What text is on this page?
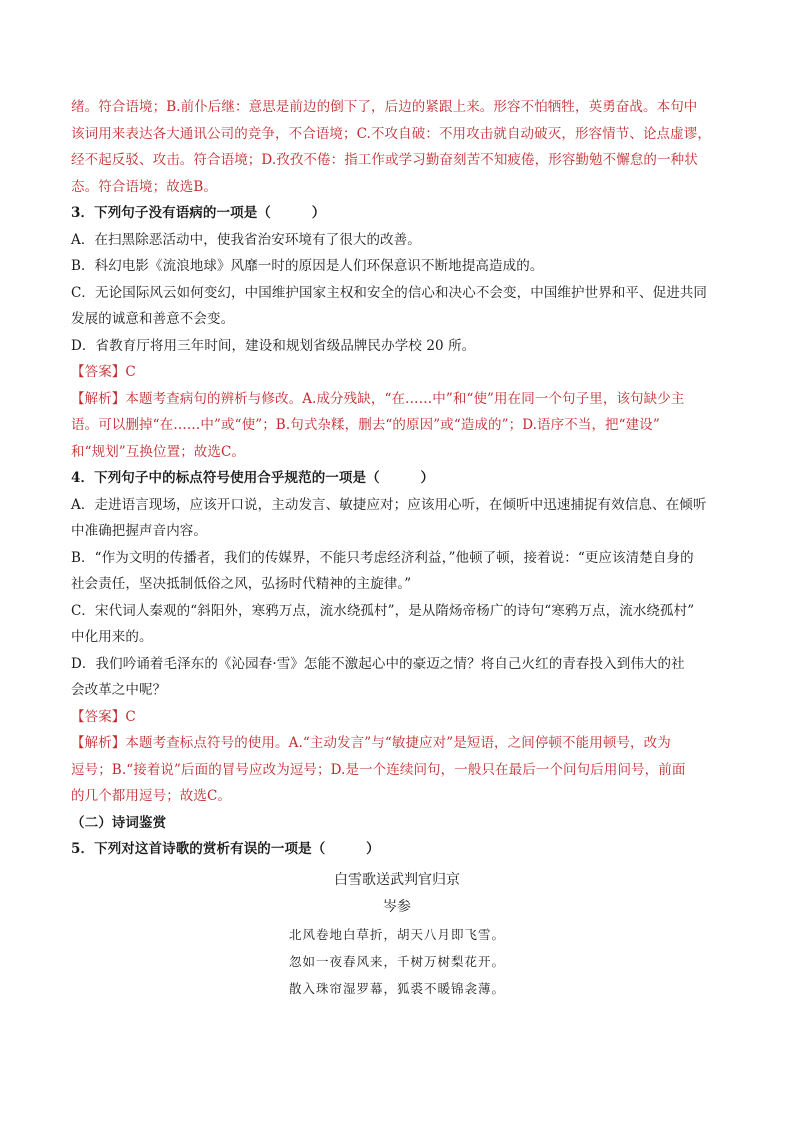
绪。符合语境；B.前仆后继：意思是前边的倒下了，后边的紧跟上来。形容不怕牺牲，英勇奋战。本句中
该词用来表达各大通讯公司的竞争，不合语境；C.不攻自破：不用攻击就自动破灭，形容情节、论点虚谬，
经不起反驳、攻击。符合语境；D.孜孜不倦：指工作或学习勤奋刻苦不知疲倦，形容勤勉不懈怠的一种状
态。符合语境；故选B。
3．下列句子没有语病的一项是（　　　）
A．在扫黑除恶活动中，使我省治安环境有了很大的改善。
B．科幻电影《流浪地球》风靡一时的原因是人们环保意识不断地提高造成的。
C．无论国际风云如何变幻，中国维护国家主权和安全的信心和决心不会变，中国维护世界和平、促进共同
发展的诚意和善意不会变。
D．省教育厅将用三年时间，建设和规划省级品牌民办学校 20 所。
【答案】C
【解析】本题考查病句的辨析与修改。A.成分残缺，“在……中”和“使”用在同一个句子里，该句缺少主
语。可以删掉“在……中”或“使”；B.句式杂糅，删去“的原因”或“造成的”；D.语序不当，把“建设”
和“规划”互换位置；故选C。
4．下列句子中的标点符号使用合乎规范的一项是（　　　）
A．走进语言现场，应该开口说，主动发言、敏捷应对；应该用心听，在倾听中迅速捕捉有效信息、在倾听
中准确把握声音内容。
B．“作为文明的传播者，我们的传媒界，不能只考虑经济利益，”他顿了顿，接着说：“更应该清楚自身的
社会责任，坚决抵制低俗之风，弘扬时代精神的主旋律。”
C．宋代词人秦观的“斜阳外，寒鸦万点，流水绕孤村”，是从隋炀帝杨广的诗句“寒鸦万点，流水绕孤村”
中化用来的。
D．我们吟诵着毛泽东的《沁园春·雪》怎能不激起心中的豪迈之情？将自己火红的青春投入到伟大的社
会改革之中呢？
【答案】C
【解析】本题考查标点符号的使用。A.“主动发言”与“敏捷应对”是短语，之间停顿不能用顿号，改为
逗号；B.“接着说”后面的冒号应改为逗号；D.是一个连续问句，一般只在最后一个问句后用问号，前面
的几个都用逗号；故选C。
（二）诗词鉴赏
5．下列对这首诗歌的赏析有误的一项是（　　　）
白雪歌送武判官归京
岑参
北风卷地白草折，胡天八月即飞雪。
忽如一夜春风来，千树万树梨花开。
散入珠帘湿罗幕，狐裘不暖锦衾薄。
